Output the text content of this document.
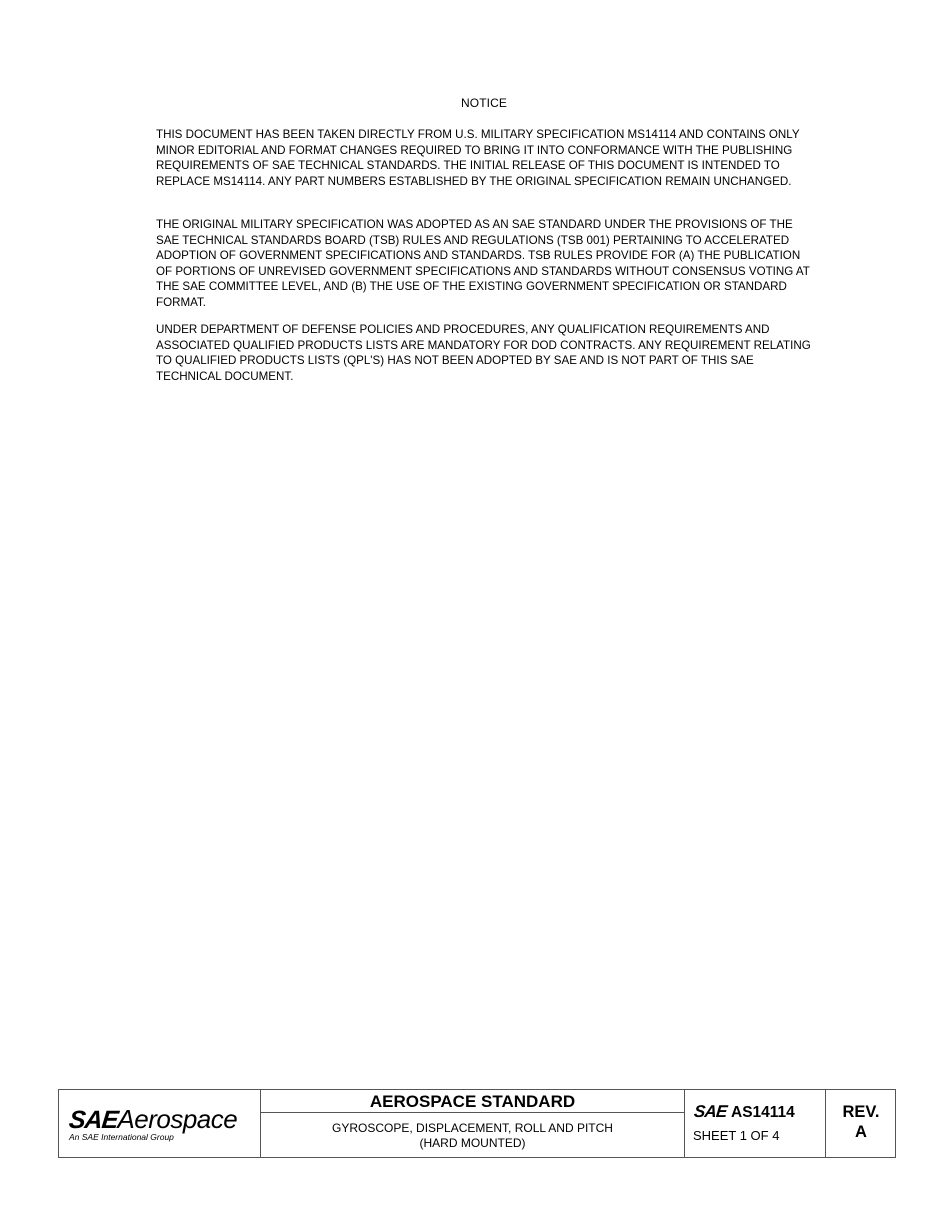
NOTICE

THIS DOCUMENT HAS BEEN TAKEN DIRECTLY FROM U.S. MILITARY SPECIFICATION MS14114 AND CONTAINS ONLY MINOR EDITORIAL AND FORMAT CHANGES REQUIRED TO BRING IT INTO CONFORMANCE WITH THE PUBLISHING REQUIREMENTS OF SAE TECHNICAL STANDARDS. THE INITIAL RELEASE OF THIS DOCUMENT IS INTENDED TO REPLACE MS14114. ANY PART NUMBERS ESTABLISHED BY THE ORIGINAL SPECIFICATION REMAIN UNCHANGED.

THE ORIGINAL MILITARY SPECIFICATION WAS ADOPTED AS AN SAE STANDARD UNDER THE PROVISIONS OF THE SAE TECHNICAL STANDARDS BOARD (TSB) RULES AND REGULATIONS (TSB 001) PERTAINING TO ACCELERATED ADOPTION OF GOVERNMENT SPECIFICATIONS AND STANDARDS. TSB RULES PROVIDE FOR (A) THE PUBLICATION OF PORTIONS OF UNREVISED GOVERNMENT SPECIFICATIONS AND STANDARDS WITHOUT CONSENSUS VOTING AT THE SAE COMMITTEE LEVEL, AND (B) THE USE OF THE EXISTING GOVERNMENT SPECIFICATION OR STANDARD FORMAT.

UNDER DEPARTMENT OF DEFENSE POLICIES AND PROCEDURES, ANY QUALIFICATION REQUIREMENTS AND ASSOCIATED QUALIFIED PRODUCTS LISTS ARE MANDATORY FOR DOD CONTRACTS. ANY REQUIREMENT RELATING TO QUALIFIED PRODUCTS LISTS (QPL'S) HAS NOT BEEN ADOPTED BY SAE AND IS NOT PART OF THIS SAE TECHNICAL DOCUMENT.

SAEAerospace
An SAE International Group
AEROSPACE STANDARD
GYROSCOPE, DISPLACEMENT, ROLL AND PITCH
(HARD MOUNTED)
SAE AS14114
SHEET 1 OF 4
REV.
A
